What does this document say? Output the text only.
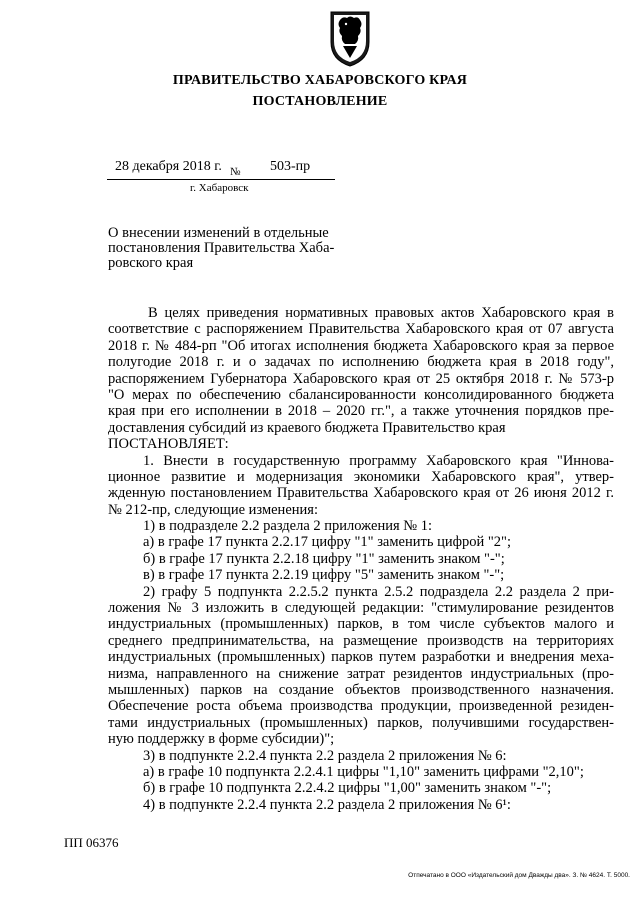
ПРАВИТЕЛЬСТВО ХАБАРОВСКОГО КРАЯ
ПОСТАНОВЛЕНИЕ
28 декабря 2018 г. № 503-пр
г. Хабаровск
О внесении изменений в отдельные
постановления Правительства Хаба-
ровского края
В целях приведения нормативных правовых актов Хабаровского края в
соответствие с распоряжением Правительства Хабаровского края от 07 августа
2018 г. № 484-рп "Об итогах исполнения бюджета Хабаровского края за первое
полугодие 2018 г. и о задачах по исполнению бюджета края в 2018 году",
распоряжением Губернатора Хабаровского края от 25 октября 2018 г. № 573-р
"О мерах по обеспечению сбалансированности консолидированного бюджета
края при его исполнении в 2018 – 2020 гг.", а также уточнения порядков пре-
доставления субсидий из краевого бюджета Правительство края
ПОСТАНОВЛЯЕТ:
1. Внести в государственную программу Хабаровского края "Иннова-
ционное развитие и модернизация экономики Хабаровского края", утвер-
жденную постановлением Правительства Хабаровского края от 26 июня 2012 г.
№ 212-пр, следующие изменения:
1) в подразделе 2.2 раздела 2 приложения № 1:
а) в графе 17 пункта 2.2.17 цифру "1" заменить цифрой "2";
б) в графе 17 пункта 2.2.18 цифру "1" заменить знаком "-";
в) в графе 17 пункта 2.2.19 цифру "5" заменить знаком "-";
2) графу 5 подпункта 2.2.5.2 пункта 2.5.2 подраздела 2.2 раздела 2 при-
ложения № 3 изложить в следующей редакции: "стимулирование резидентов
индустриальных (промышленных) парков, в том числе субъектов малого и
среднего предпринимательства, на размещение производств на территориях
индустриальных (промышленных) парков путем разработки и внедрения меха-
низма, направленного на снижение затрат резидентов индустриальных (про-
мышленных) парков на создание объектов производственного назначения.
Обеспечение роста объема производства продукции, произведенной резиден-
тами индустриальных (промышленных) парков, получившими государствен-
ную поддержку в форме субсидии)";
3) в подпункте 2.2.4 пункта 2.2 раздела 2 приложения № 6:
а) в графе 10 подпункта 2.2.4.1 цифры "1,10" заменить цифрами "2,10";
б) в графе 10 подпункта 2.2.4.2 цифры "1,00" заменить знаком "-";
4) в подпункте 2.2.4 пункта 2.2 раздела 2 приложения № 6¹:
ПП 06376
Отпечатано в ООО «Издательский дом Дважды два». З. № 4624. Т. 5000.
